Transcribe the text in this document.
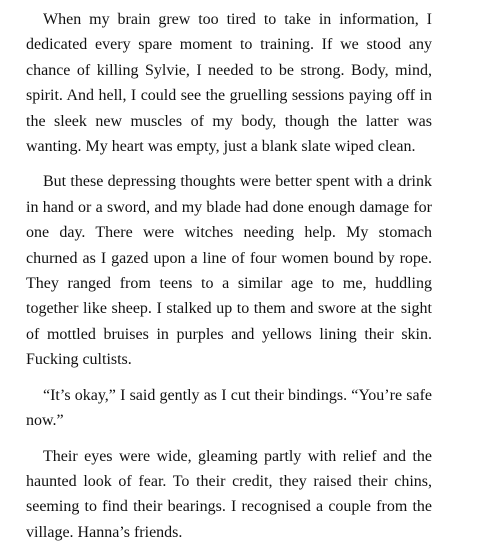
When my brain grew too tired to take in information, I dedicated every spare moment to training. If we stood any chance of killing Sylvie, I needed to be strong. Body, mind, spirit. And hell, I could see the gruelling sessions paying off in the sleek new muscles of my body, though the latter was wanting. My heart was empty, just a blank slate wiped clean.

But these depressing thoughts were better spent with a drink in hand or a sword, and my blade had done enough damage for one day. There were witches needing help. My stomach churned as I gazed upon a line of four women bound by rope. They ranged from teens to a similar age to me, huddling together like sheep. I stalked up to them and swore at the sight of mottled bruises in purples and yellows lining their skin. Fucking cultists.

“It’s okay,” I said gently as I cut their bindings. “You’re safe now.”

Their eyes were wide, gleaming partly with relief and the haunted look of fear. To their credit, they raised their chins, seeming to find their bearings. I recognised a couple from the village. Hanna’s friends.
